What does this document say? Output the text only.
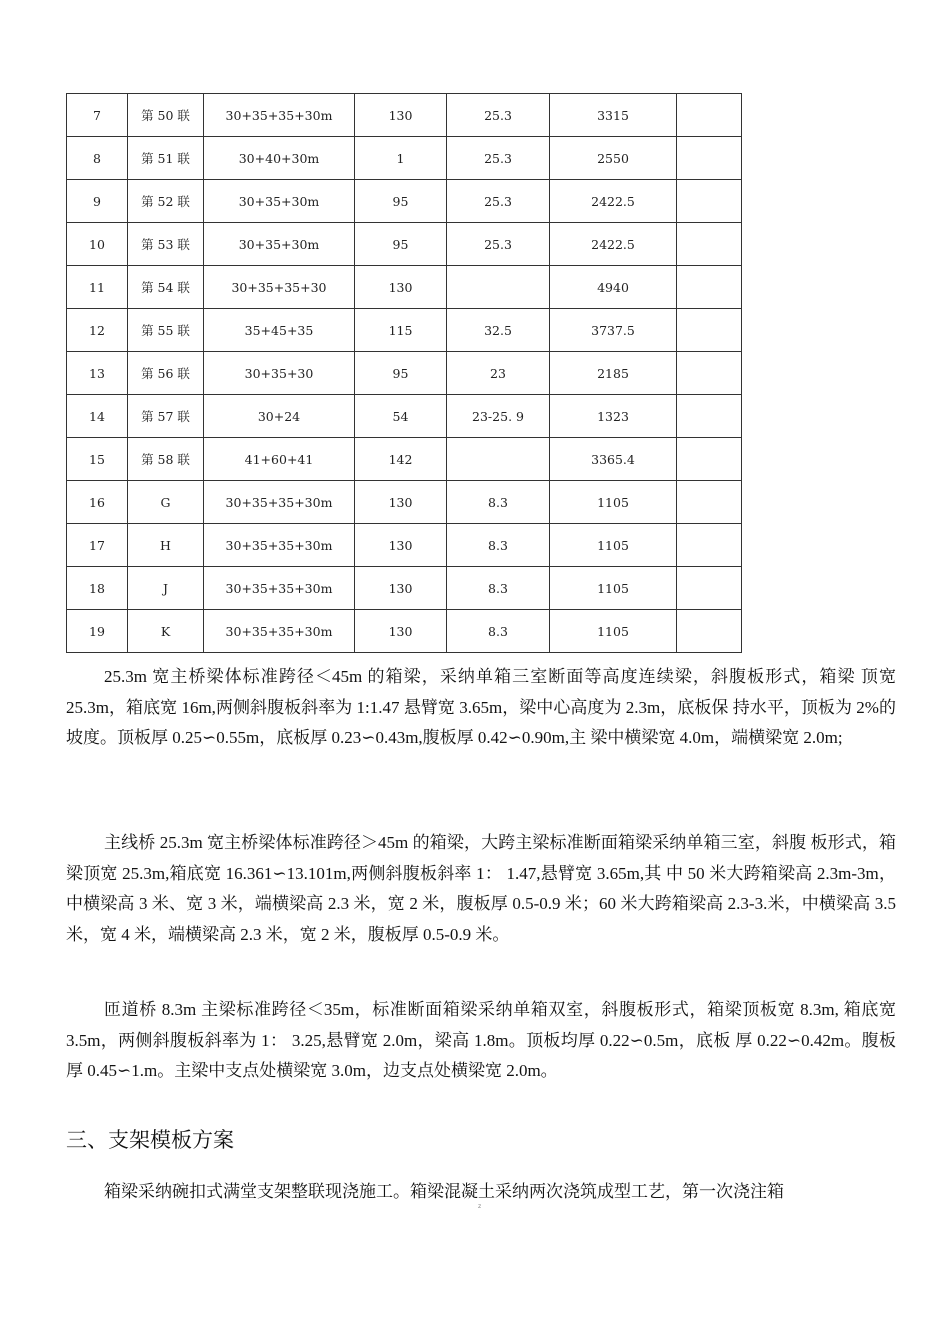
7	第 50 联	30+35+35+30m	130	25.3	3315	
8	第 51 联	30+40+30m	1	25.3	2550	
9	第 52 联	30+35+30m	95	25.3	2422.5	
10	第 53 联	30+35+30m	95	25.3	2422.5	
11	第 54 联	30+35+35+30	130		4940	
12	第 55 联	35+45+35	115	32.5	3737.5	
13	第 56 联	30+35+30	95	23	2185	
14	第 57 联	30+24	54	23-25. 9	1323	
15	第 58 联	41+60+41	142		3365.4	
16	G	30+35+35+30m	130	8.3	1105	
17	H	30+35+35+30m	130	8.3	1105	
18	J	30+35+35+30m	130	8.3	1105	
19	K	30+35+35+30m	130	8.3	1105	

25.3m 宽主桥梁体标准跨径＜45m 的箱梁，采纳单箱三室断面等高度连续梁，斜腹板形式，箱梁 顶宽 25.3m，箱底宽 16m,两侧斜腹板斜率为 1:1.47 悬臂宽 3.65m，梁中心高度为 2.3m，底板保 持水平，顶板为 2%的坡度。顶板厚 0.25∽0.55m，底板厚 0.23∽0.43m,腹板厚 0.42∽0.90m,主 梁中横梁宽 4.0m，端横梁宽 2.0m;

主线桥 25.3m 宽主桥梁体标准跨径＞45m 的箱梁，大跨主梁标准断面箱梁采纳单箱三室，斜腹 板形式，箱梁顶宽 25.3m,箱底宽 16.361∽13.101m,两侧斜腹板斜率 1： 1.47,悬臂宽 3.65m,其 中 50 米大跨箱梁高 2.3m-3m，中横梁高 3 米、宽 3 米，端横梁高 2.3 米，宽 2 米，腹板厚 0.5-0.9 米；60 米大跨箱梁高 2.3-3.米，中横梁高 3.5 米，宽 4 米，端横梁高 2.3 米，宽 2 米，腹板厚 0.5-0.9 米。

匝道桥 8.3m 主梁标准跨径＜35m，标准断面箱梁采纳单箱双室，斜腹板形式，箱梁顶板宽 8.3m, 箱底宽 3.5m，两侧斜腹板斜率为 1： 3.25,悬臂宽 2.0m，梁高 1.8m。顶板均厚 0.22∽0.5m，底板 厚 0.22∽0.42m。腹板厚 0.45∽1.m。主梁中支点处横梁宽 3.0m，边支点处横梁宽 2.0m。

三、支架模板方案

箱梁采纳碗扣式满堂支架整联现浇施工。箱梁混凝土采纳两次浇筑成型工艺，第一次浇注箱

z
